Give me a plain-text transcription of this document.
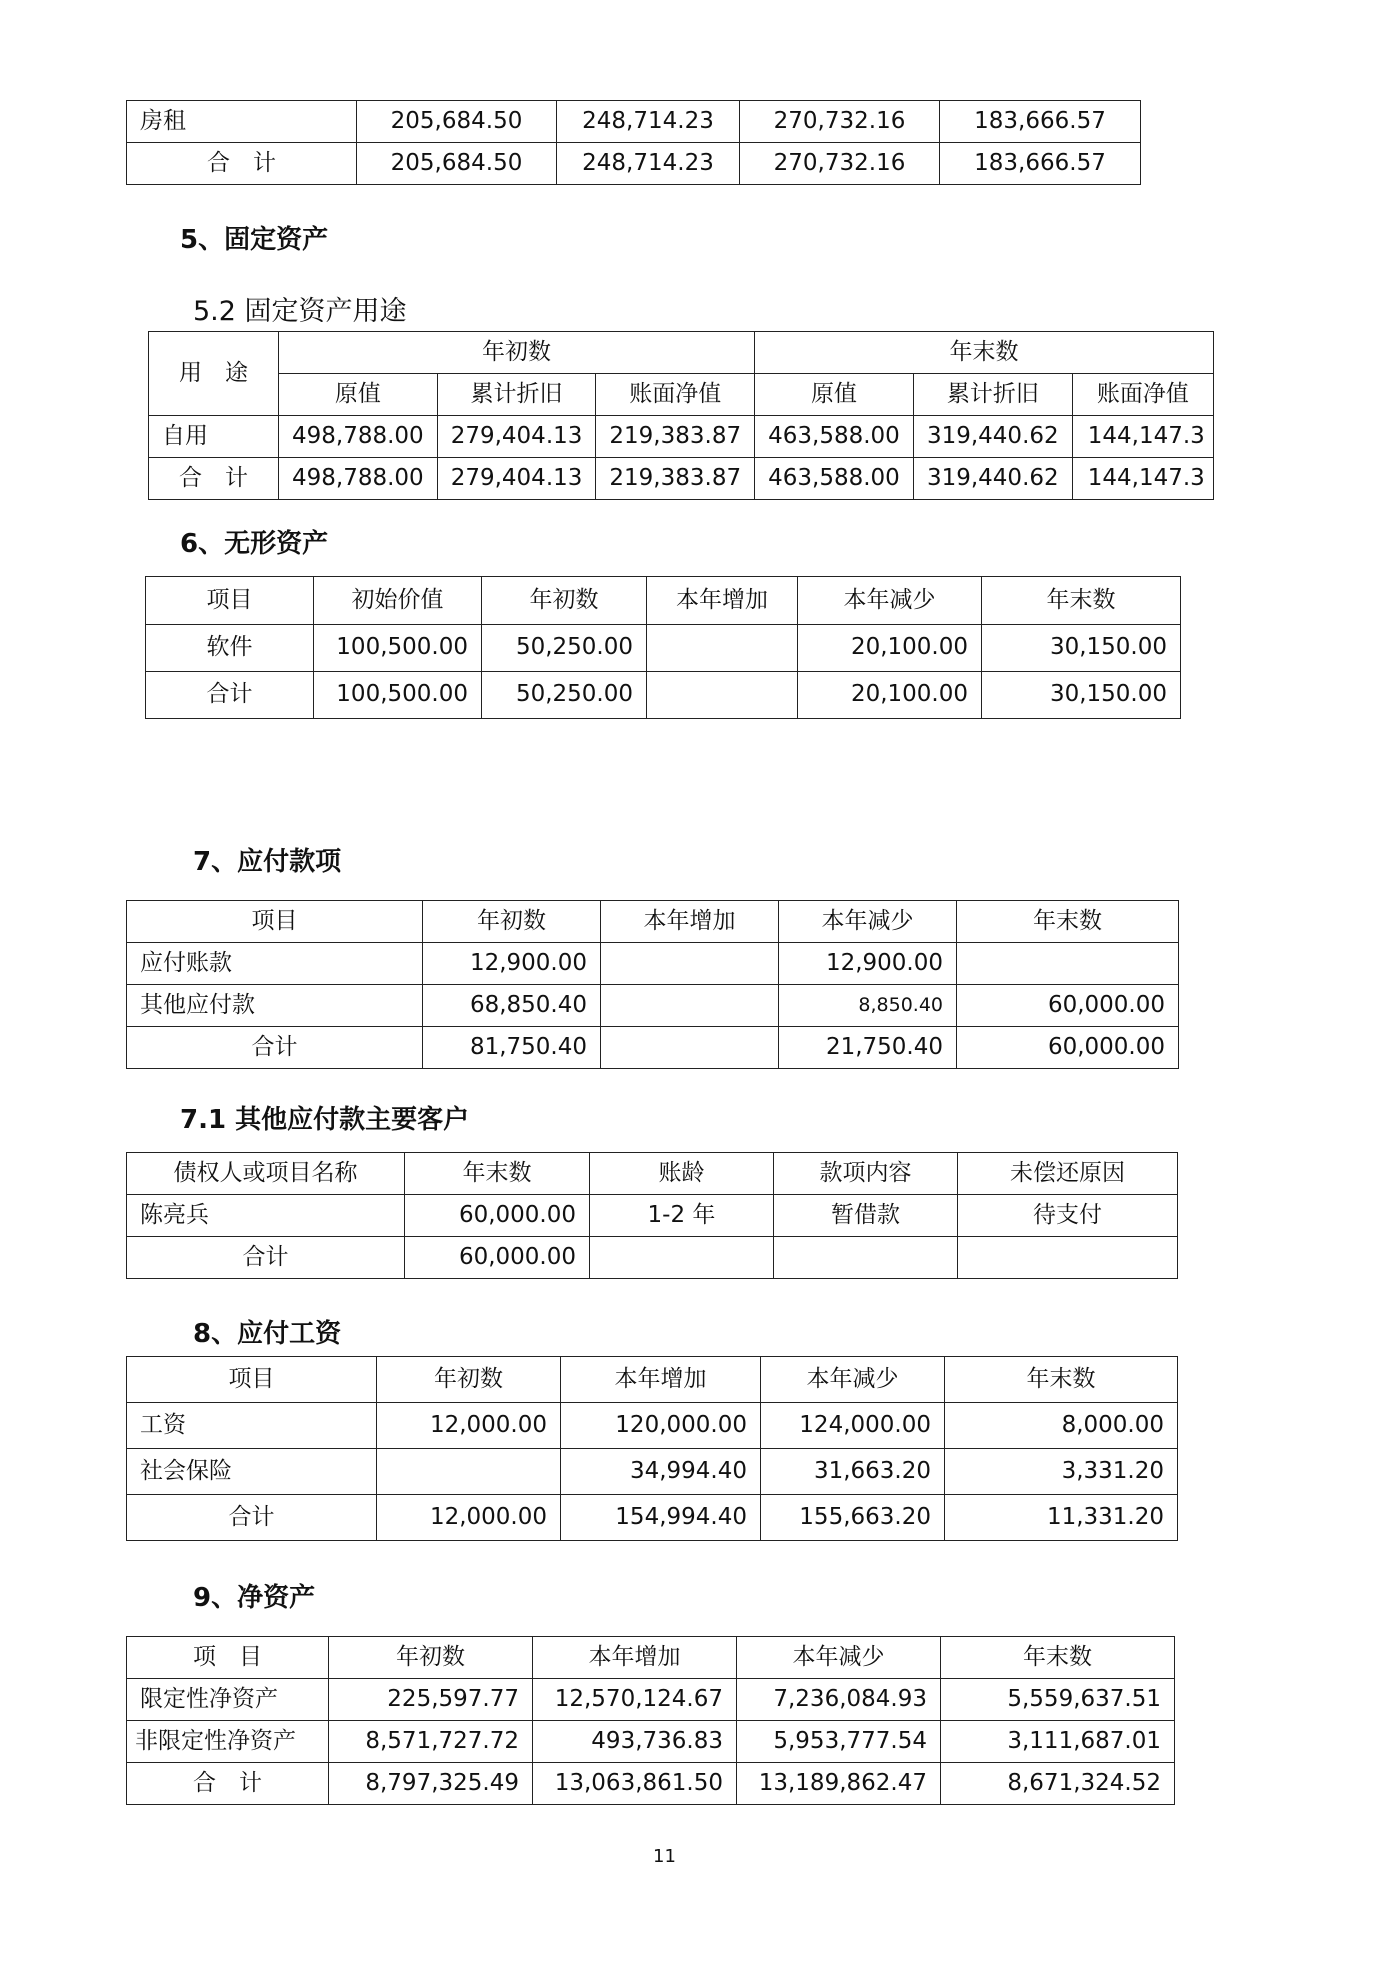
房租	205,684.50	248,714.23	270,732.16	183,666.57
合　计	205,684.50	248,714.23	270,732.16	183,666.57

5、固定资产

5.2 固定资产用途

用　途	年初数			年末数		
	原值	累计折旧	账面净值	原值	累计折旧	账面净值
自用	498,788.00	279,404.13	219,383.87	463,588.00	319,440.62	144,147.3

合　计	498,788.00	279,404.13	219,383.87	463,588.00	319,440.62	144,147.3

6、无形资产

项目	初始价值	年初数	本年增加	本年减少	年末数
软件	100,500.00	50,250.00		20,100.00	30,150.00
合计	100,500.00	50,250.00		20,100.00	30,150.00

7、应付款项

项目	年初数	本年增加	本年减少	年末数
应付账款	12,900.00		12,900.00	
其他应付款	68,850.40		8,850.40	60,000.00
合计	81,750.40		21,750.40	60,000.00

7.1 其他应付款主要客户

债权人或项目名称	年末数	账龄	款项内容	未偿还原因
陈亮兵	60,000.00	1-2 年	暂借款	待支付
合计	60,000.00			

8、应付工资

项目	年初数	本年增加	本年减少	年末数
工资	12,000.00	120,000.00	124,000.00	8,000.00
社会保险		34,994.40	31,663.20	3,331.20
合计	12,000.00	154,994.40	155,663.20	11,331.20

9、净资产

项　目	年初数	本年增加	本年减少	年末数
限定性净资产	225,597.77	12,570,124.67	7,236,084.93	5,559,637.51
非限定性净资产	8,571,727.72	493,736.83	5,953,777.54	3,111,687.01
合　计	8,797,325.49	13,063,861.50	13,189,862.47	8,671,324.52
11
